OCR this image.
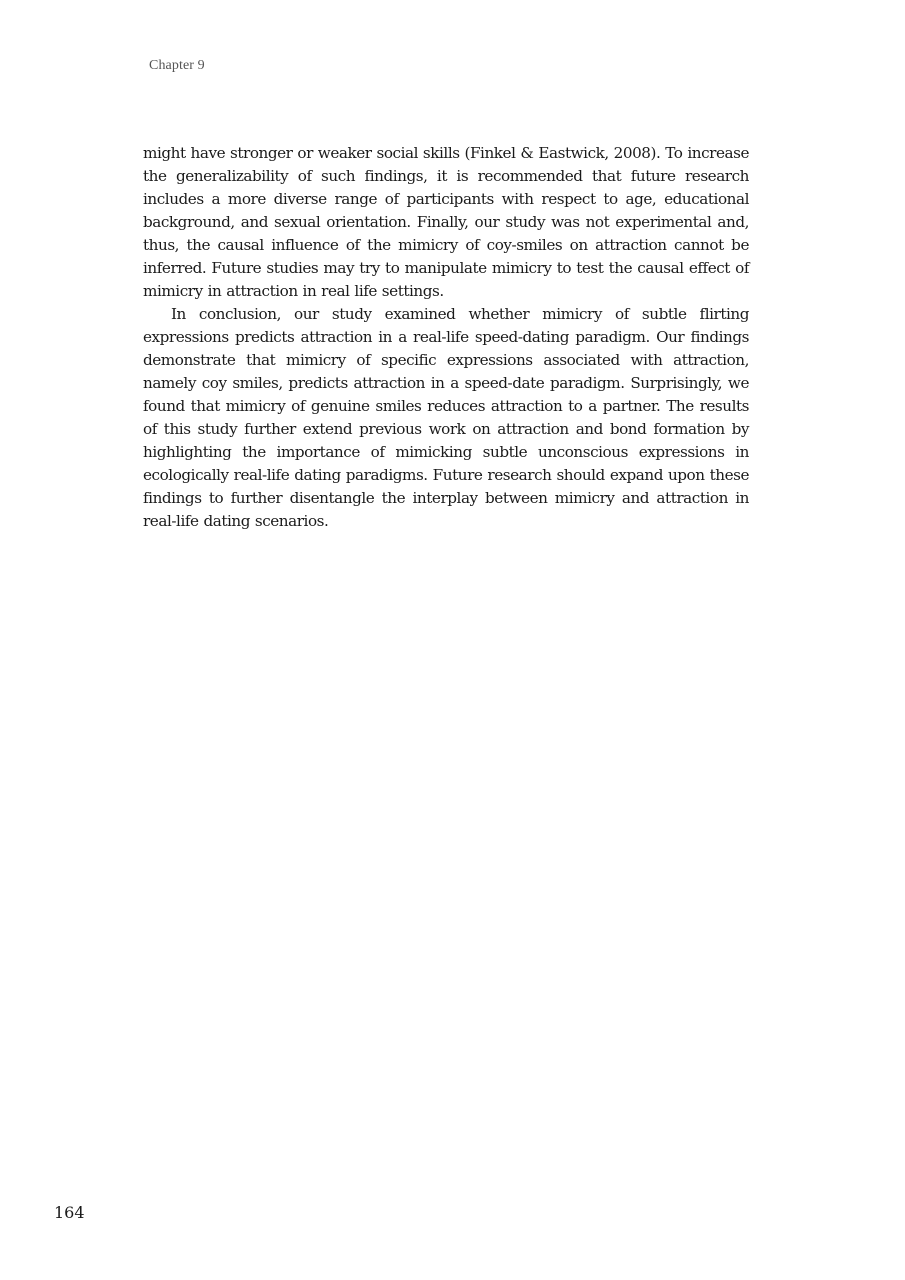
Chapter 9

might have stronger or weaker social skills (Finkel & Eastwick, 2008). To increase the generalizability of such findings, it is recommended that future research includes a more diverse range of participants with respect to age, educational background, and sexual orientation. Finally, our study was not experimental and, thus, the causal influence of the mimicry of coy-smiles on attraction cannot be inferred. Future studies may try to manipulate mimicry to test the causal effect of mimicry in attraction in real life settings.

In conclusion, our study examined whether mimicry of subtle flirting expressions predicts attraction in a real-life speed-dating paradigm. Our findings demonstrate that mimicry of specific expressions associated with attraction, namely coy smiles, predicts attraction in a speed-date paradigm. Surprisingly, we found that mimicry of genuine smiles reduces attraction to a partner. The results of this study further extend previous work on attraction and bond formation by highlighting the importance of mimicking subtle unconscious expressions in ecologically real-life dating paradigms. Future research should expand upon these findings to further disentangle the interplay between mimicry and attraction in real-life dating scenarios.

164
